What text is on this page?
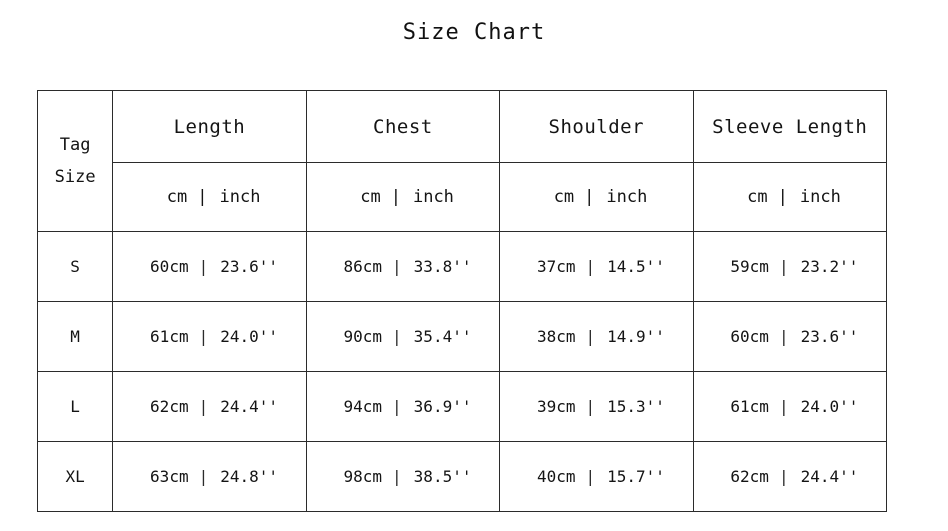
Size Chart
Tag
Size	Length	Chest	Shoulder	Sleeve Length

	cm | inch	cm | inch	cm | inch	cm | inch

S	60cm | 23.6''	86cm | 33.8''	37cm | 14.5''	59cm | 23.2''

M	61cm | 24.0''	90cm | 35.4''	38cm | 14.9''	60cm | 23.6''

L	62cm | 24.4''	94cm | 36.9''	39cm | 15.3''	61cm | 24.0''

XL	63cm | 24.8''	98cm | 38.5''	40cm | 15.7''	62cm | 24.4''
